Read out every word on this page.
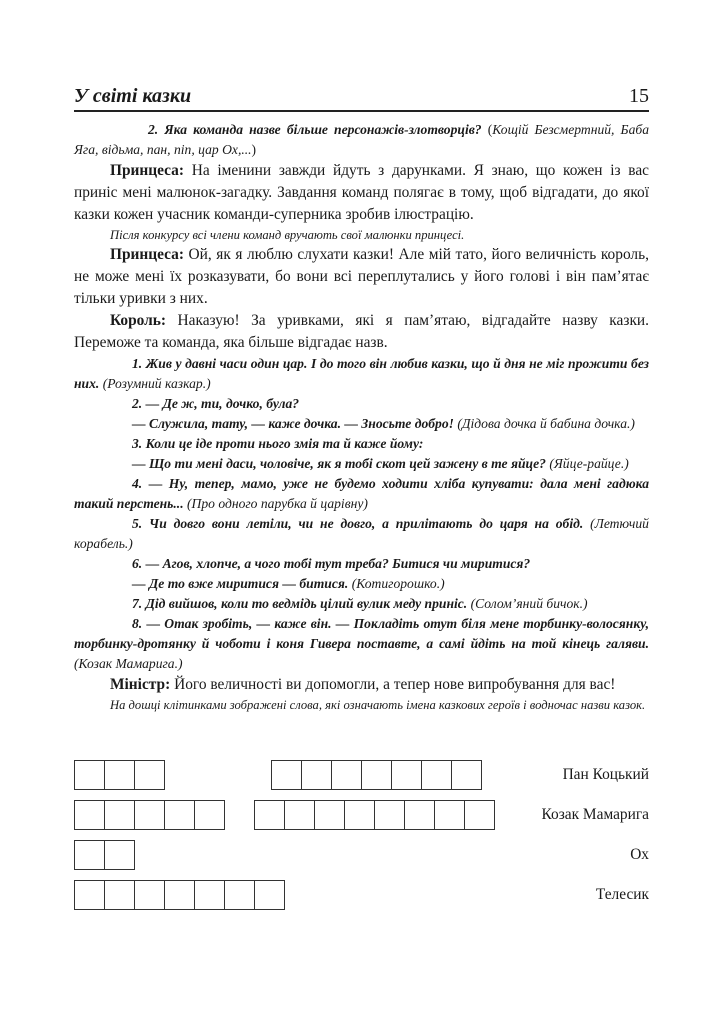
У світі казки	15

2. Яка команда назве більше персонажів-злотворців? (Кощій Безсмертний, Баба Яга, відьма, пан, піп, цар Ох,...)

Принцеса: На іменини завжди йдуть з дарунками. Я знаю, що кожен із вас приніс мені малюнок-загадку. Завдання команд полягає в тому, щоб відгадати, до якої казки кожен учасник команди-суперника зробив ілюстрацію.

Після конкурсу всі члени команд вручають свої малюнки принцесі.

Принцеса: Ой, як я люблю слухати казки! Але мій тато, його величність король, не може мені їх розказувати, бо вони всі переплутались у його голові і він пам’ятає тільки уривки з них.

Король: Наказую! За уривками, які я пам’ятаю, відгадайте назву казки. Переможе та команда, яка більше відгадає назв.

1. Жив у давні часи один цар. І до того він любив казки, що й дня не міг прожити без них. (Розумний казкар.)

2. — Де ж, ти, дочко, була?

— Служила, тату, — каже дочка. — Зносьте добро! (Дідова дочка й бабина дочка.)

3. Коли це іде проти нього змія та й каже йому:

— Що ти мені даси, чоловіче, як я тобі скот цей зажену в те яйце? (Яйце-райце.)

4. — Ну, тепер, мамо, уже не будемо ходити хліба купувати: дала мені гадюка такий перстень... (Про одного парубка й царівну)

5. Чи довго вони летіли, чи не довго, а прилітають до царя на обід. (Летючий корабель.)

6. — Агов, хлопче, а чого тобі тут треба? Битися чи миритися?

— Де то вже миритися — битися. (Котигорошко.)

7. Дід вийшов, коли то ведмідь цілий вулик меду приніс. (Солом’яний бичок.)

8. — Отак зробіть, — каже він. — Покладіть отут біля мене торбинку-волосянку, торбинку-дротянку й чоботи і коня Гивера поставте, а самі йдіть на той кінець галяви. (Козак Мамарига.)

Міністр: Його величності ви допомогли, а тепер нове випробування для вас!

На дошці клітинками зображені слова, які означають імена казкових героїв і водночас назви казок.

Пан Коцький
Козак Мамарига
Ох
Телесик
